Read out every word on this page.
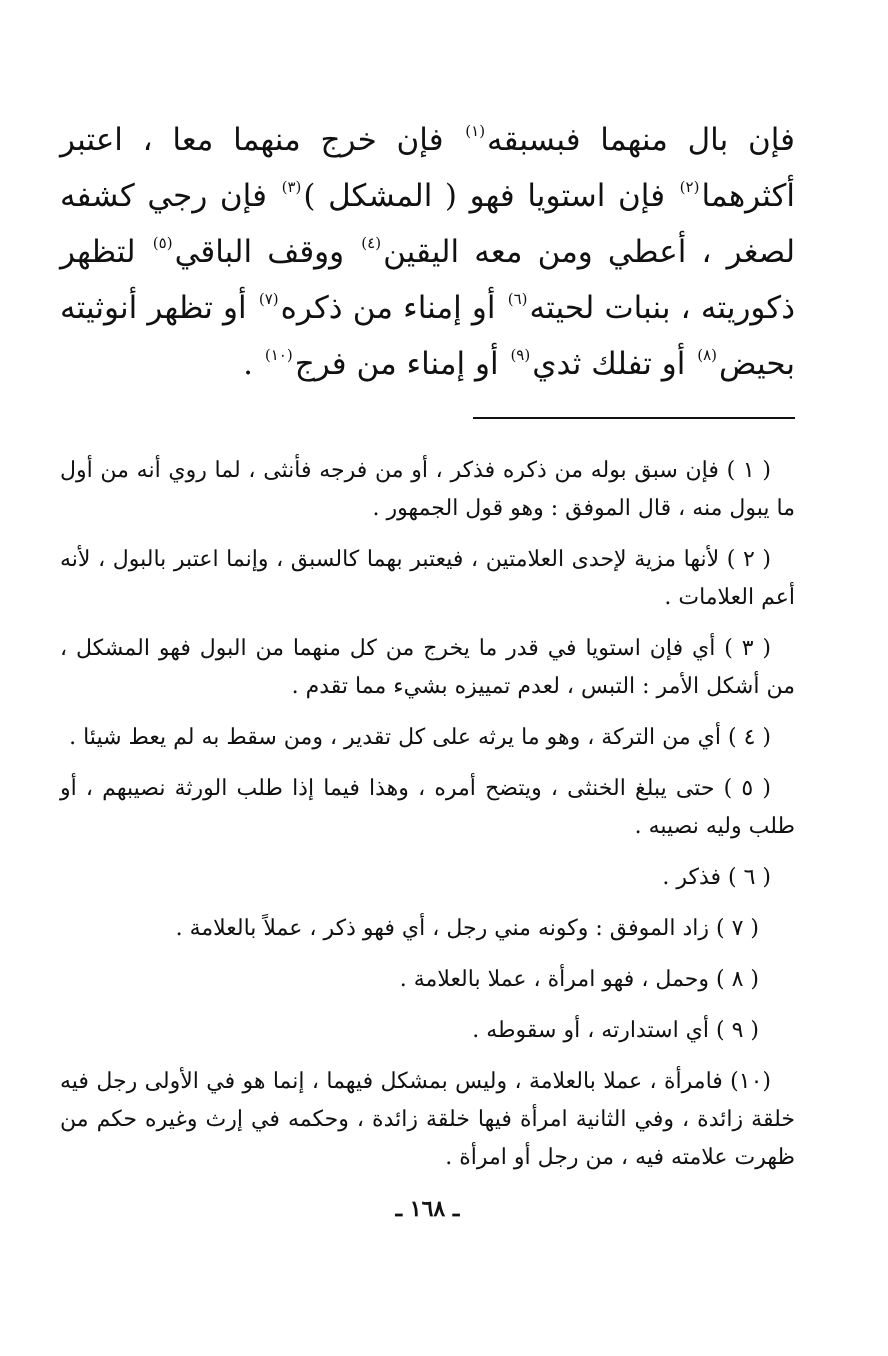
فإن بال منهما فبسبقه$^{(١)}$ فإن خرج منهما معا ، اعتبر أكثرهما$^{(٢)}$ فإن استويا فهو ( المشكل )$^{(٣)}$ فإن رجي كشفه لصغر ، أعطي ومن معه اليقين$^{(٤)}$ ووقف الباقي$^{(٥)}$ لتظهر ذكوريته ، بنبات لحيته$^{(٦)}$ أو إمناء من ذكره$^{(٧)}$ أو تظهر أنوثيته بحيض$^{(٨)}$ أو تفلك ثدي$^{(٩)}$ أو إمناء من فرج$^{(١٠)}$ .

( ١ ) فإن سبق بوله من ذكره فذكر ، أو من فرجه فأنثى ، لما روي أنه من أول ما يبول منه ، قال الموفق : وهو قول الجمهور .

( ٢ ) لأنها مزية لإحدى العلامتين ، فيعتبر بهما كالسبق ، وإنما اعتبر بالبول ، لأنه أعم العلامات .

( ٣ ) أي فإن استويا في قدر ما يخرج من كل منهما من البول فهو المشكل ، من أشكل الأمر : التبس ، لعدم تمييزه بشيء مما تقدم .

( ٤ ) أي من التركة ، وهو ما يرثه على كل تقدير ، ومن سقط به لم يعط شيئا .

( ٥ ) حتى يبلغ الخنثى ، ويتضح أمره ، وهذا فيما إذا طلب الورثة نصيبهم ، أو طلب وليه نصيبه .

( ٦ ) فذكر .

( ٧ ) زاد الموفق : وكونه مني رجل ، أي فهو ذكر ، عملاً بالعلامة .

( ٨ ) وحمل ، فهو امرأة ، عملا بالعلامة .

( ٩ ) أي استدارته ، أو سقوطه .

(١٠) فامرأة ، عملا بالعلامة ، وليس بمشكل فيهما ، إنما هو في الأولى رجل فيه خلقة زائدة ، وفي الثانية امرأة فيها خلقة زائدة ، وحكمه في إرث وغيره حكم من ظهرت علامته فيه ، من رجل أو امرأة .

ـ ١٦٨ ـ
